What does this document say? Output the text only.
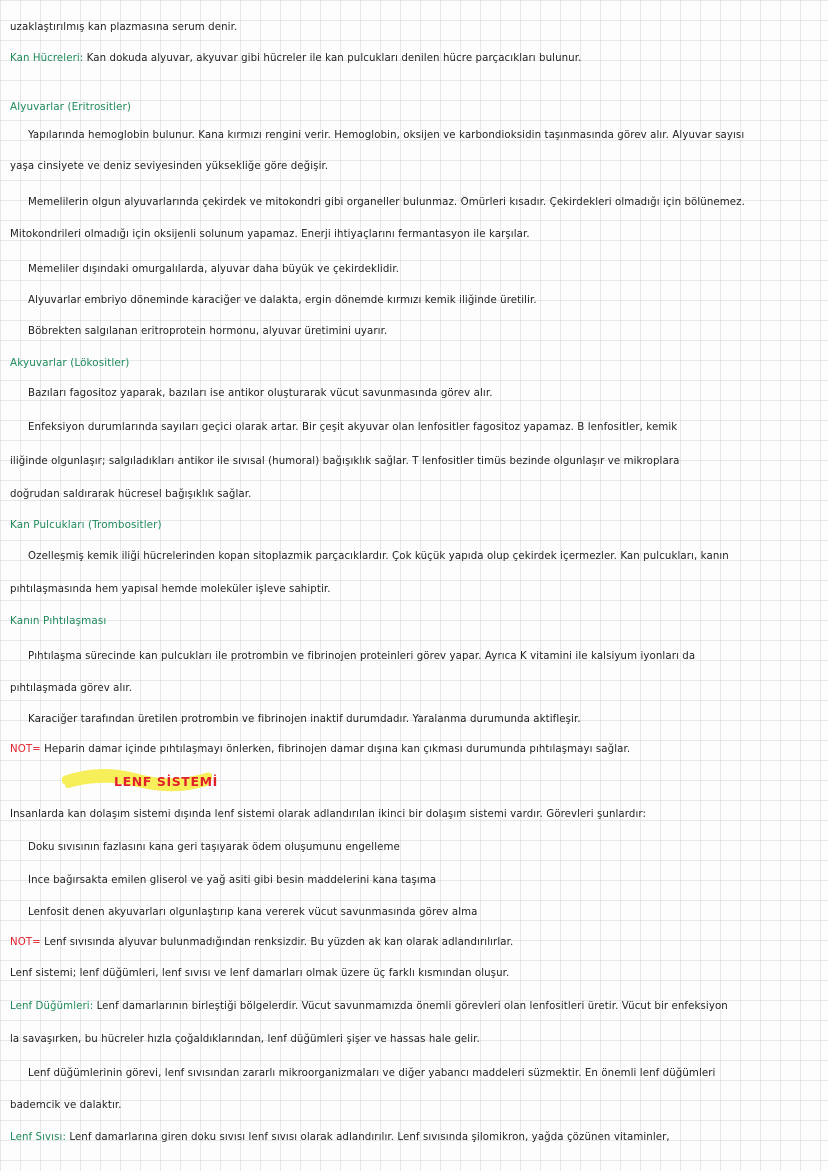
uzaklaştırılmış kan plazmasına serum denir.
Kan Hücreleri: Kan dokuda alyuvar, akyuvar gibi hücreler ile kan pulcukları denilen hücre parçacıkları bulunur.
Alyuvarlar (Eritrositler)
Yapılarında hemoglobin bulunur. Kana kırmızı rengini verir. Hemoglobin, oksijen ve karbondioksidin taşınmasında görev alır. Alyuvar sayısı
yaşa cinsiyete ve deniz seviyesinden yüksekliğe göre değişir.
Memelilerin olgun alyuvarlarında çekirdek ve mitokondri gibi organeller bulunmaz. Ömürleri kısadır. Çekirdekleri olmadığı için bölünemez.
Mitokondrileri olmadığı için oksijenli solunum yapamaz. Enerji ihtiyaçlarını fermantasyon ile karşılar.
Memeliler dışındaki omurgalılarda, alyuvar daha büyük ve çekirdeklidir.
Alyuvarlar embriyo döneminde karaciğer ve dalakta, ergin dönemde kırmızı kemik iliğinde üretilir.
Böbrekten salgılanan eritroprotein hormonu, alyuvar üretimini uyarır.
Akyuvarlar (Lökositler)
Bazıları fagositoz yaparak, bazıları ise antikor oluşturarak vücut savunmasında görev alır.
Enfeksiyon durumlarında sayıları geçici olarak artar. Bir çeşit akyuvar olan lenfositler fagositoz yapamaz. B lenfositler, kemik
iliğinde olgunlaşır; salgıladıkları antikor ile sıvısal (humoral) bağışıklık sağlar. T lenfositler timüs bezinde olgunlaşır ve mikroplara
doğrudan saldırarak hücresel bağışıklık sağlar.
Kan Pulcukları (Trombositler)
Özelleşmiş kemik iliği hücrelerinden kopan sitoplazmik parçacıklardır. Çok küçük yapıda olup çekirdek içermezler. Kan pulcukları, kanın
pıhtılaşmasında hem yapısal hemde moleküler işleve sahiptir.
Kanın Pıhtılaşması
Pıhtılaşma sürecinde kan pulcukları ile protrombin ve fibrinojen proteinleri görev yapar. Ayrıca K vitamini ile kalsiyum iyonları da
pıhtılaşmada görev alır.
Karaciğer tarafından üretilen protrombin ve fibrinojen inaktif durumdadır. Yaralanma durumunda aktifleşir.
NOT= Heparin damar içinde pıhtılaşmayı önlerken, fibrinojen damar dışına kan çıkması durumunda pıhtılaşmayı sağlar.
LENF SİSTEMİ
İnsanlarda kan dolaşım sistemi dışında lenf sistemi olarak adlandırılan ikinci bir dolaşım sistemi vardır. Görevleri şunlardır:
Doku sıvısının fazlasını kana geri taşıyarak ödem oluşumunu engelleme
İnce bağırsakta emilen gliserol ve yağ asiti gibi besin maddelerini kana taşıma
Lenfosit denen akyuvarları olgunlaştırıp kana vererek vücut savunmasında görev alma
NOT= Lenf sıvısında alyuvar bulunmadığından renksizdir. Bu yüzden ak kan olarak adlandırılırlar.
Lenf sistemi; lenf düğümleri, lenf sıvısı ve lenf damarları olmak üzere üç farklı kısmından oluşur.
Lenf Düğümleri: Lenf damarlarının birleştiği bölgelerdir. Vücut savunmamızda önemli görevleri olan lenfositleri üretir. Vücut bir enfeksiyon
la savaşırken, bu hücreler hızla çoğaldıklarından, lenf düğümleri şişer ve hassas hale gelir.
Lenf düğümlerinin görevi, lenf sıvısından zararlı mikroorganizmaları ve diğer yabancı maddeleri süzmektir. En önemli lenf düğümleri
bademcik ve dalaktır.
Lenf Sıvısı: Lenf damarlarına giren doku sıvısı lenf sıvısı olarak adlandırılır. Lenf sıvısında şilomikron, yağda çözünen vitaminler,
